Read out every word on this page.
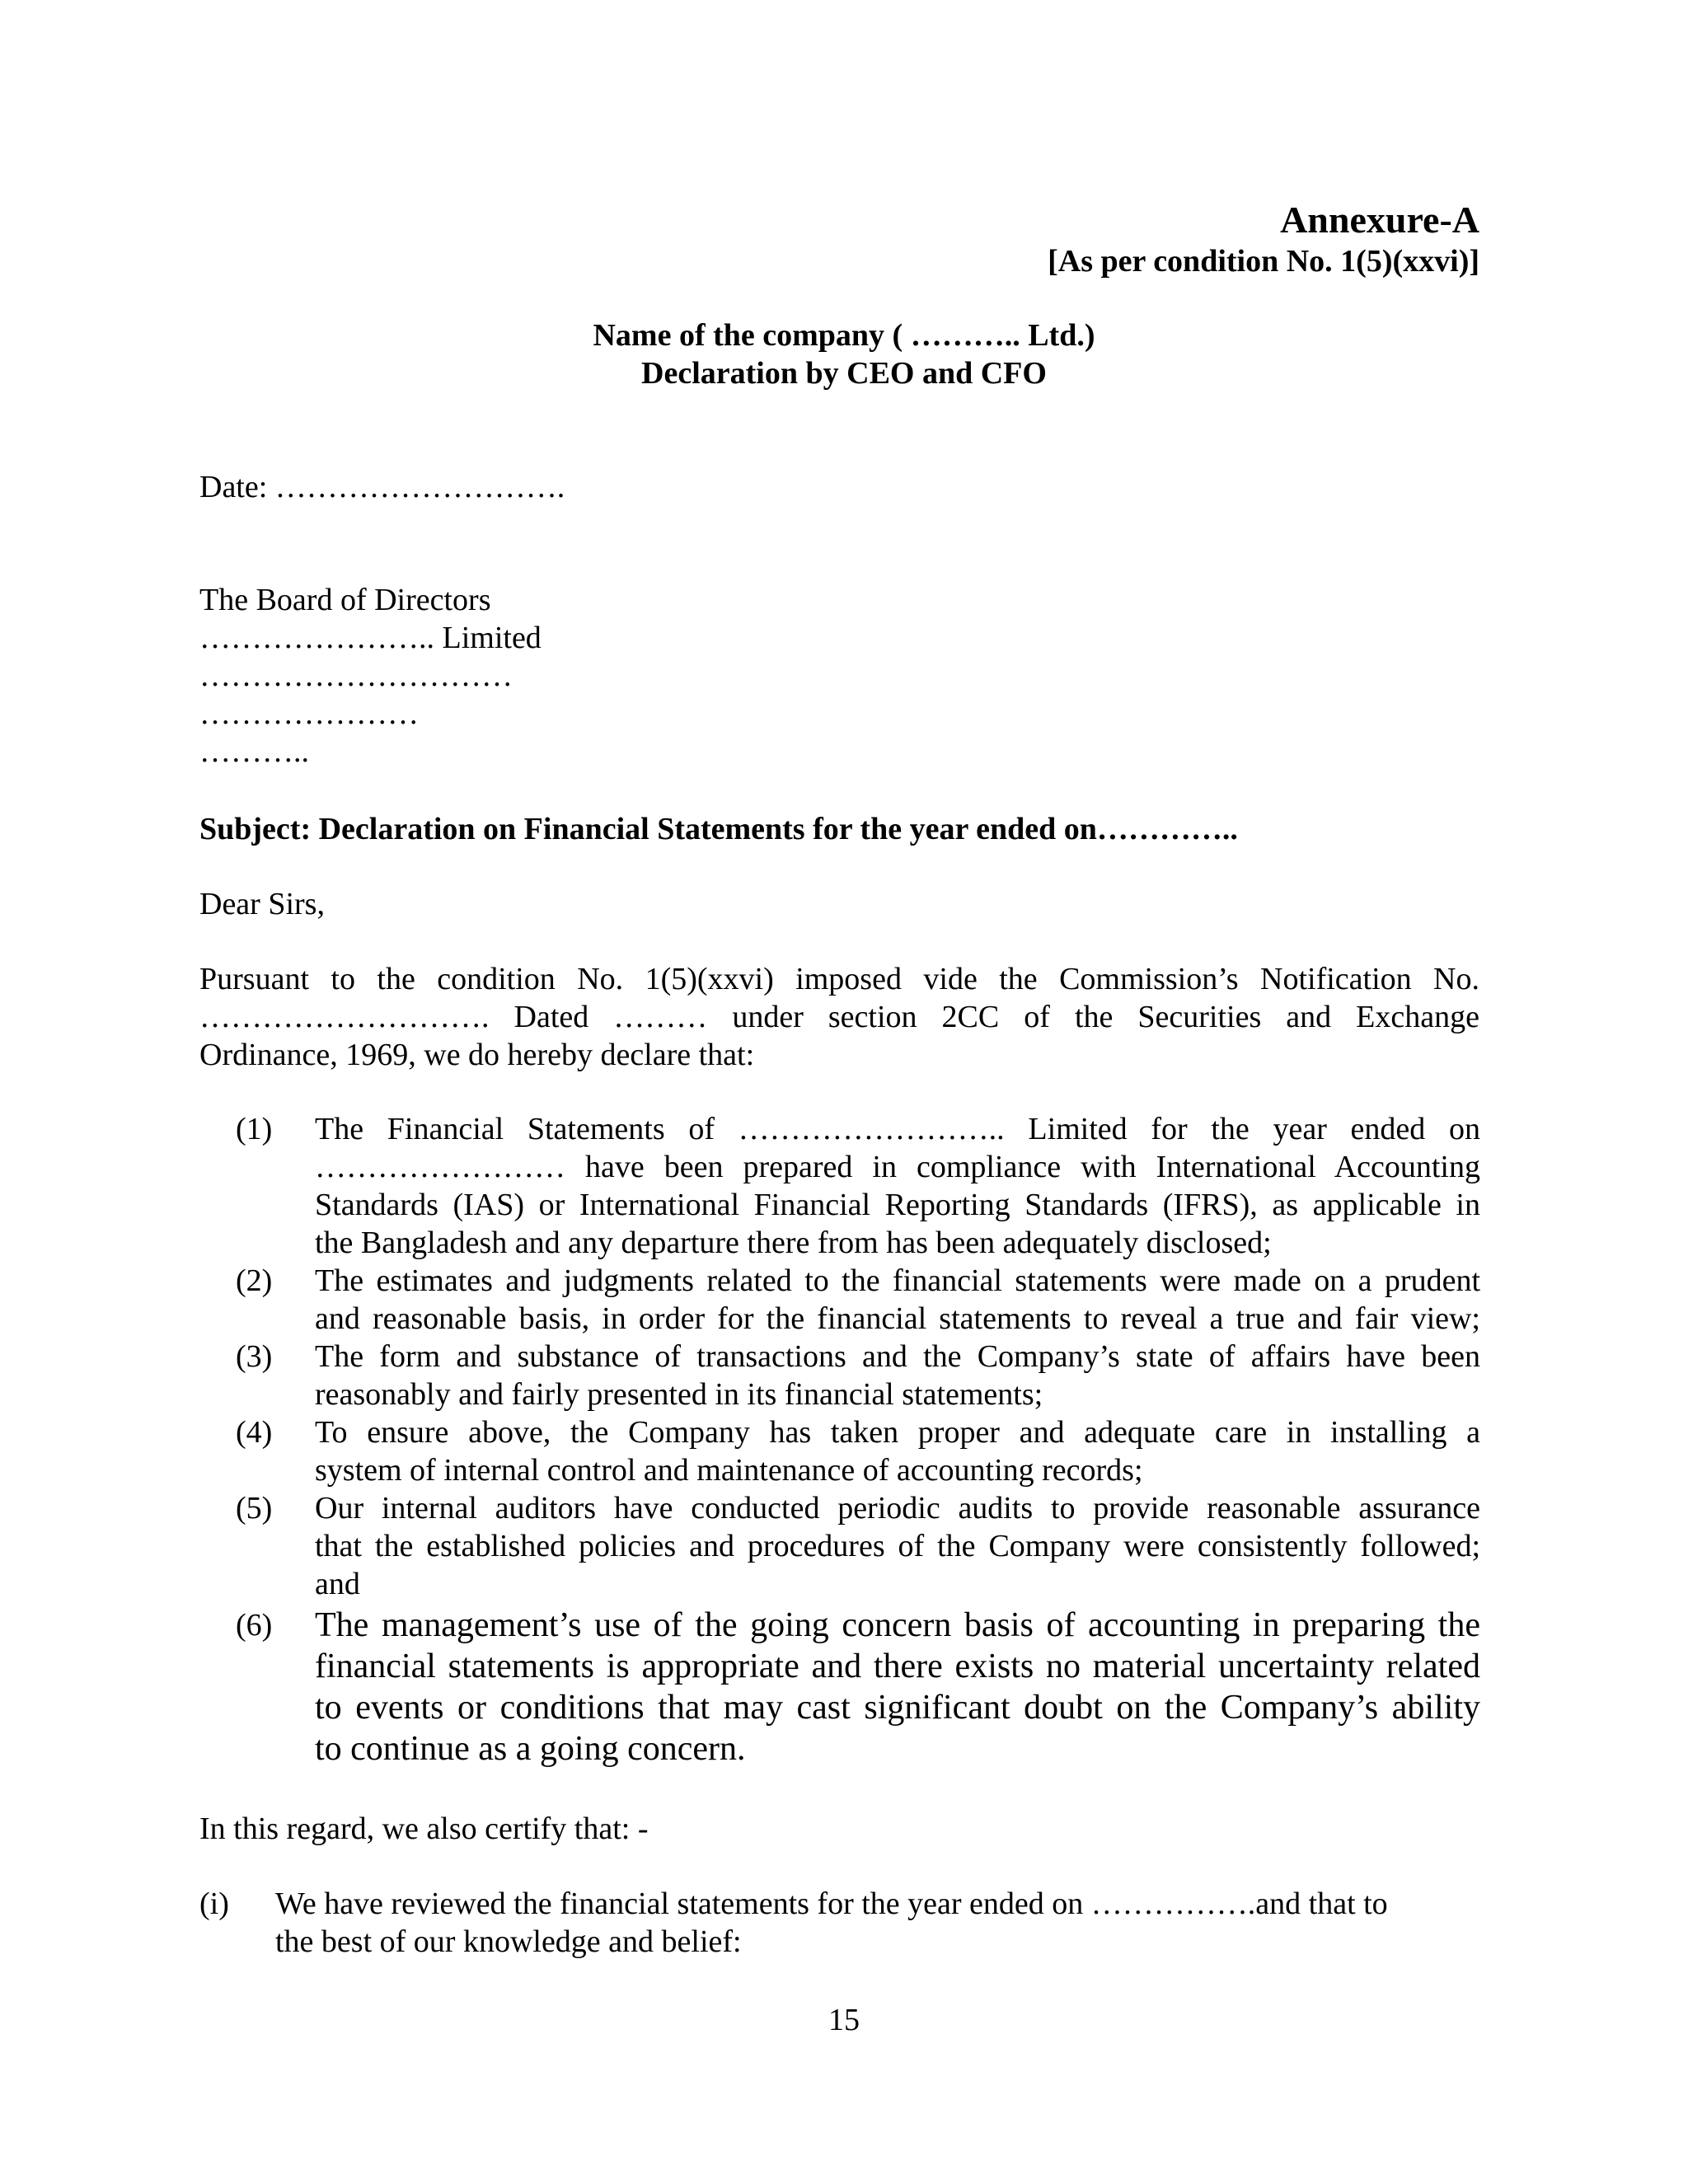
Annexure-A
[As per condition No. 1(5)(xxvi)]
Name of the company ( ……….. Ltd.)
Declaration by CEO and CFO
Date: ……………………….
The Board of Directors
………………….. Limited
…………………………
…………………
………..
Subject: Declaration on Financial Statements for the year ended on…………..
Dear Sirs,
Pursuant to the condition No. 1(5)(xxvi) imposed vide the Commission’s Notification No.
………………………. Dated ……… under section 2CC of the Securities and Exchange
Ordinance, 1969, we do hereby declare that:
(1) The Financial Statements of …………………….. Limited for the year ended on
…………………… have been prepared in compliance with International Accounting
Standards (IAS) or International Financial Reporting Standards (IFRS), as applicable in
the Bangladesh and any departure there from has been adequately disclosed;
(2) The estimates and judgments related to the financial statements were made on a prudent
and reasonable basis, in order for the financial statements to reveal a true and fair view;
(3) The form and substance of transactions and the Company’s state of affairs have been
reasonably and fairly presented in its financial statements;
(4) To ensure above, the Company has taken proper and adequate care in installing a
system of internal control and maintenance of accounting records;
(5) Our internal auditors have conducted periodic audits to provide reasonable assurance
that the established policies and procedures of the Company were consistently followed;
and
(6) The management’s use of the going concern basis of accounting in preparing the
financial statements is appropriate and there exists no material uncertainty related
to events or conditions that may cast significant doubt on the Company’s ability
to continue as a going concern.
In this regard, we also certify that: -
(i) We have reviewed the financial statements for the year ended on …………….and that to
the best of our knowledge and belief:
15
